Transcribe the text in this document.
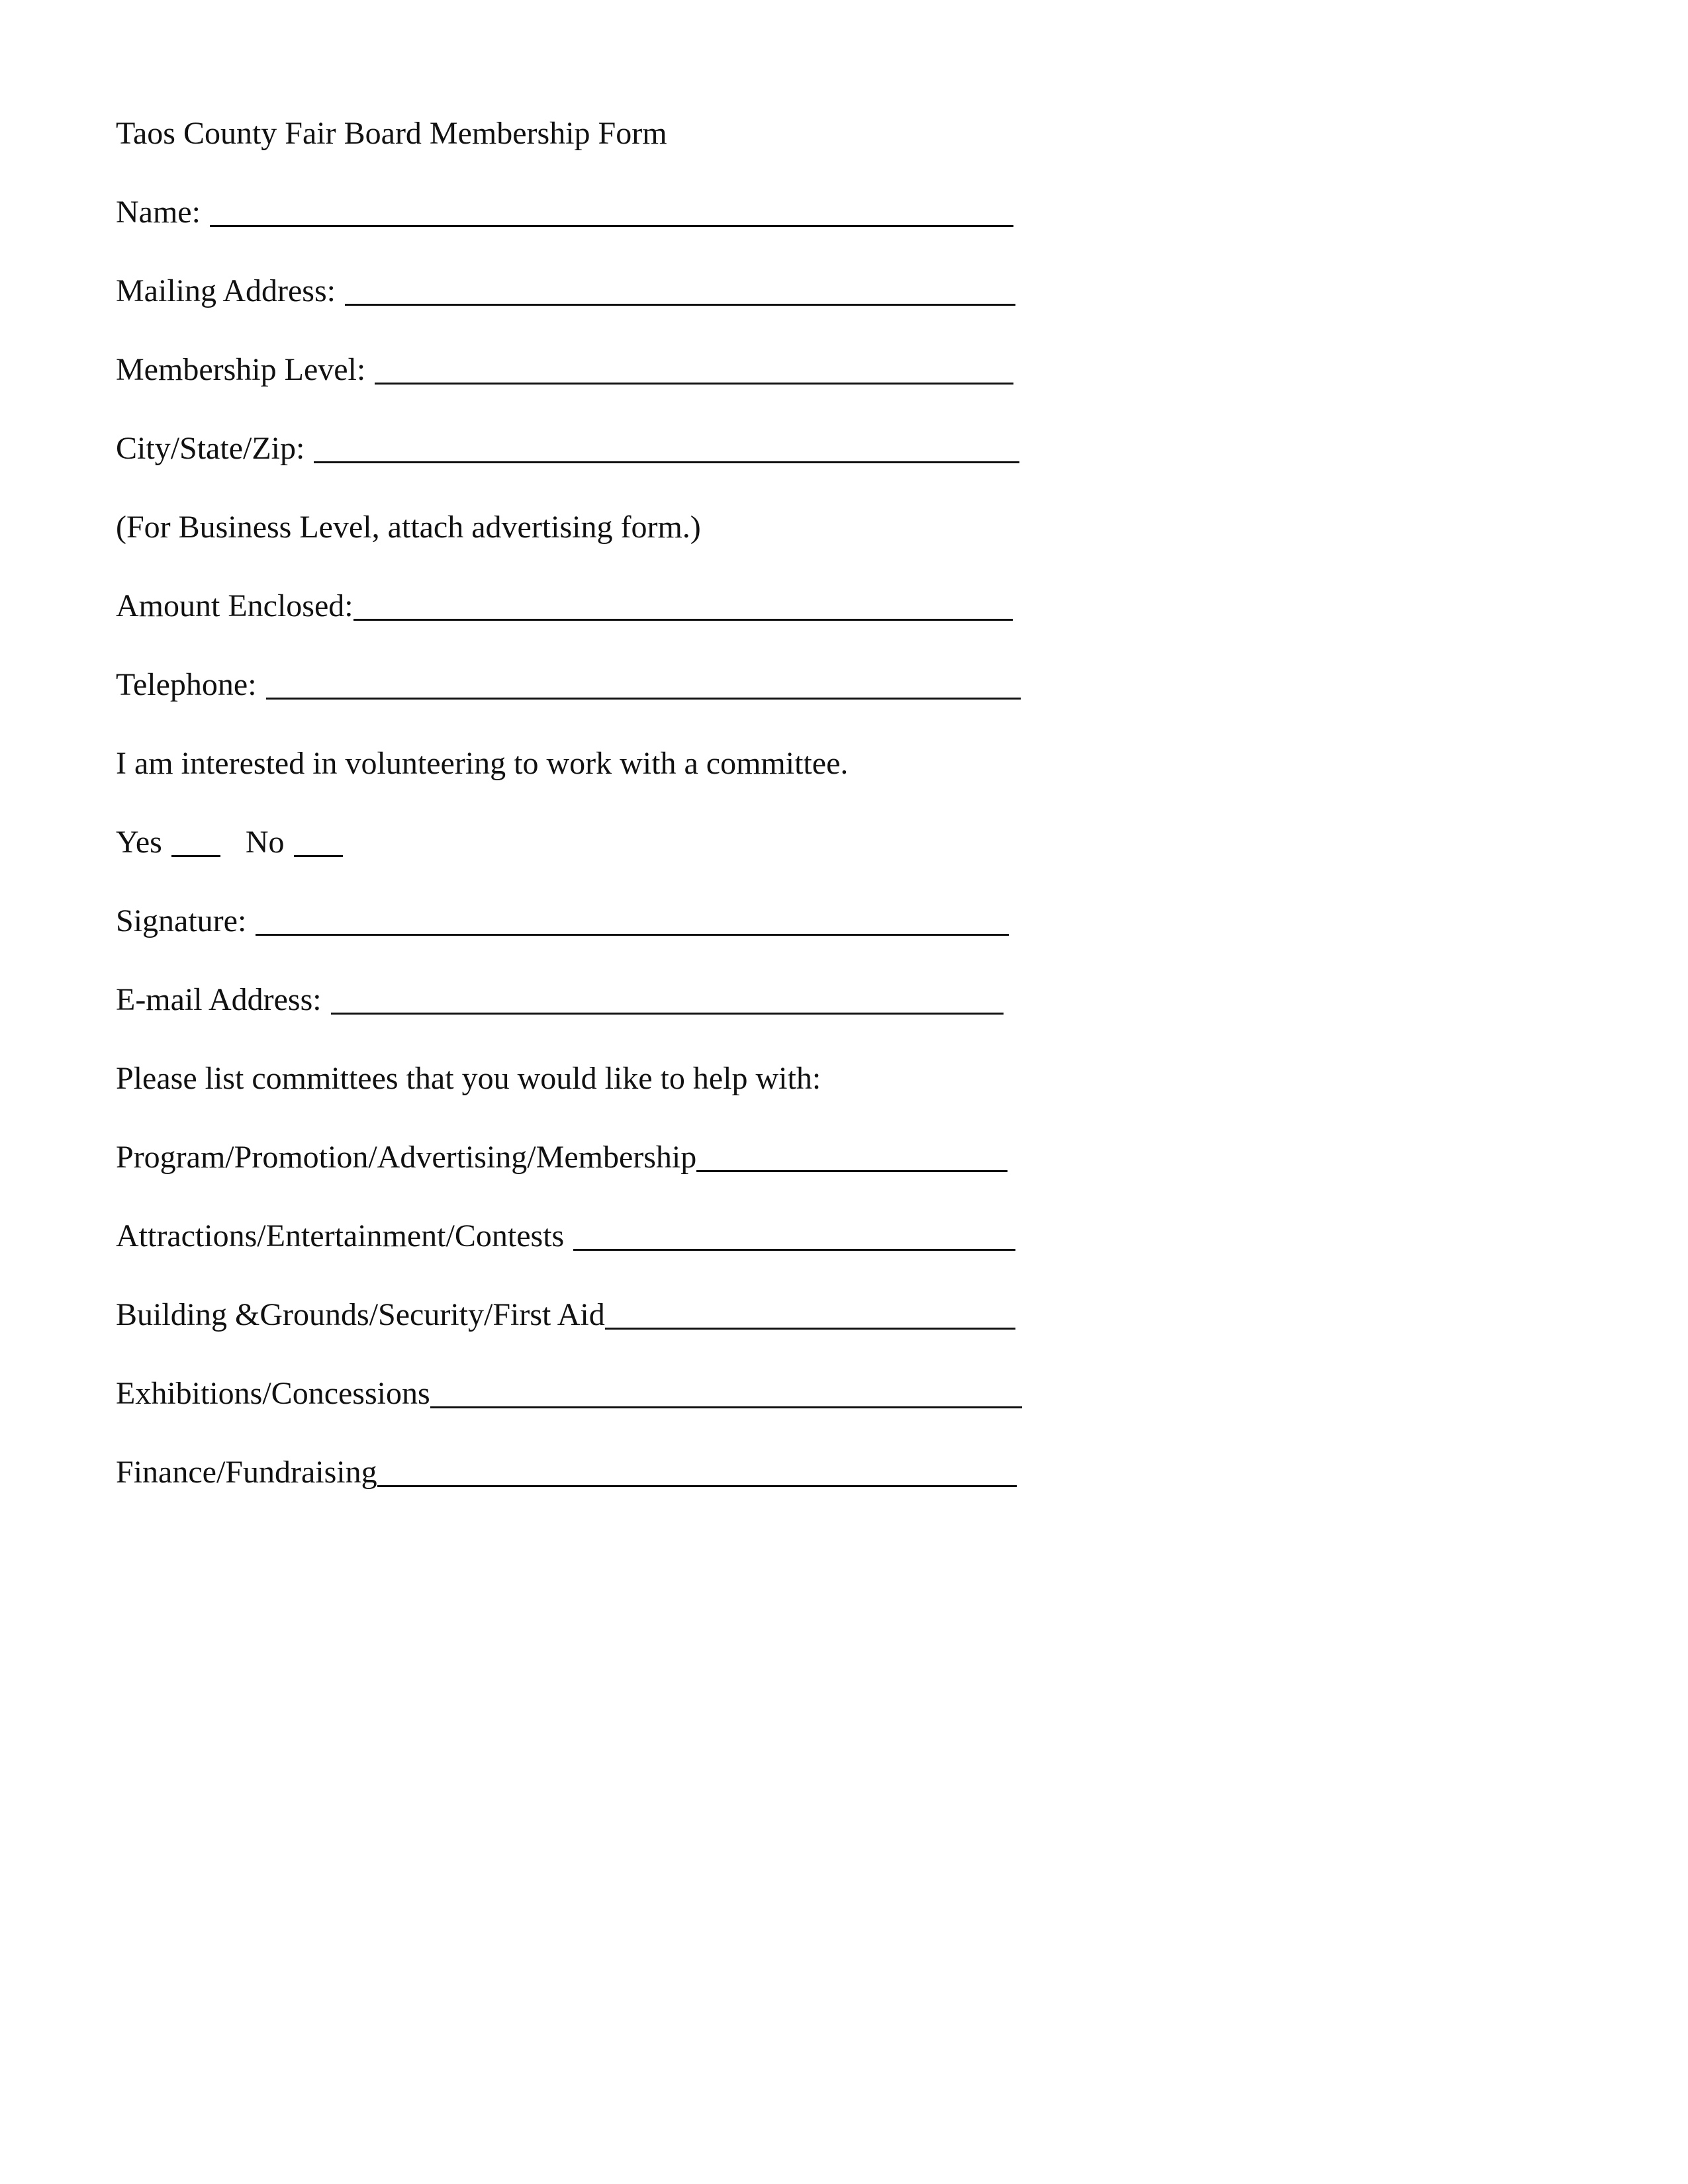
Taos County Fair Board Membership Form
Name:
Mailing Address:
Membership Level:
City/State/Zip:
(For Business Level, attach advertising form.)
Amount Enclosed:
Telephone:
I am interested in volunteering to work with a committee.
Yes	No
Signature:
E-mail Address:
Please list committees that you would like to help with:
Program/Promotion/Advertising/Membership
Attractions/Entertainment/Contests
Building &Grounds/Security/First Aid
Exhibitions/Concessions
Finance/Fundraising
